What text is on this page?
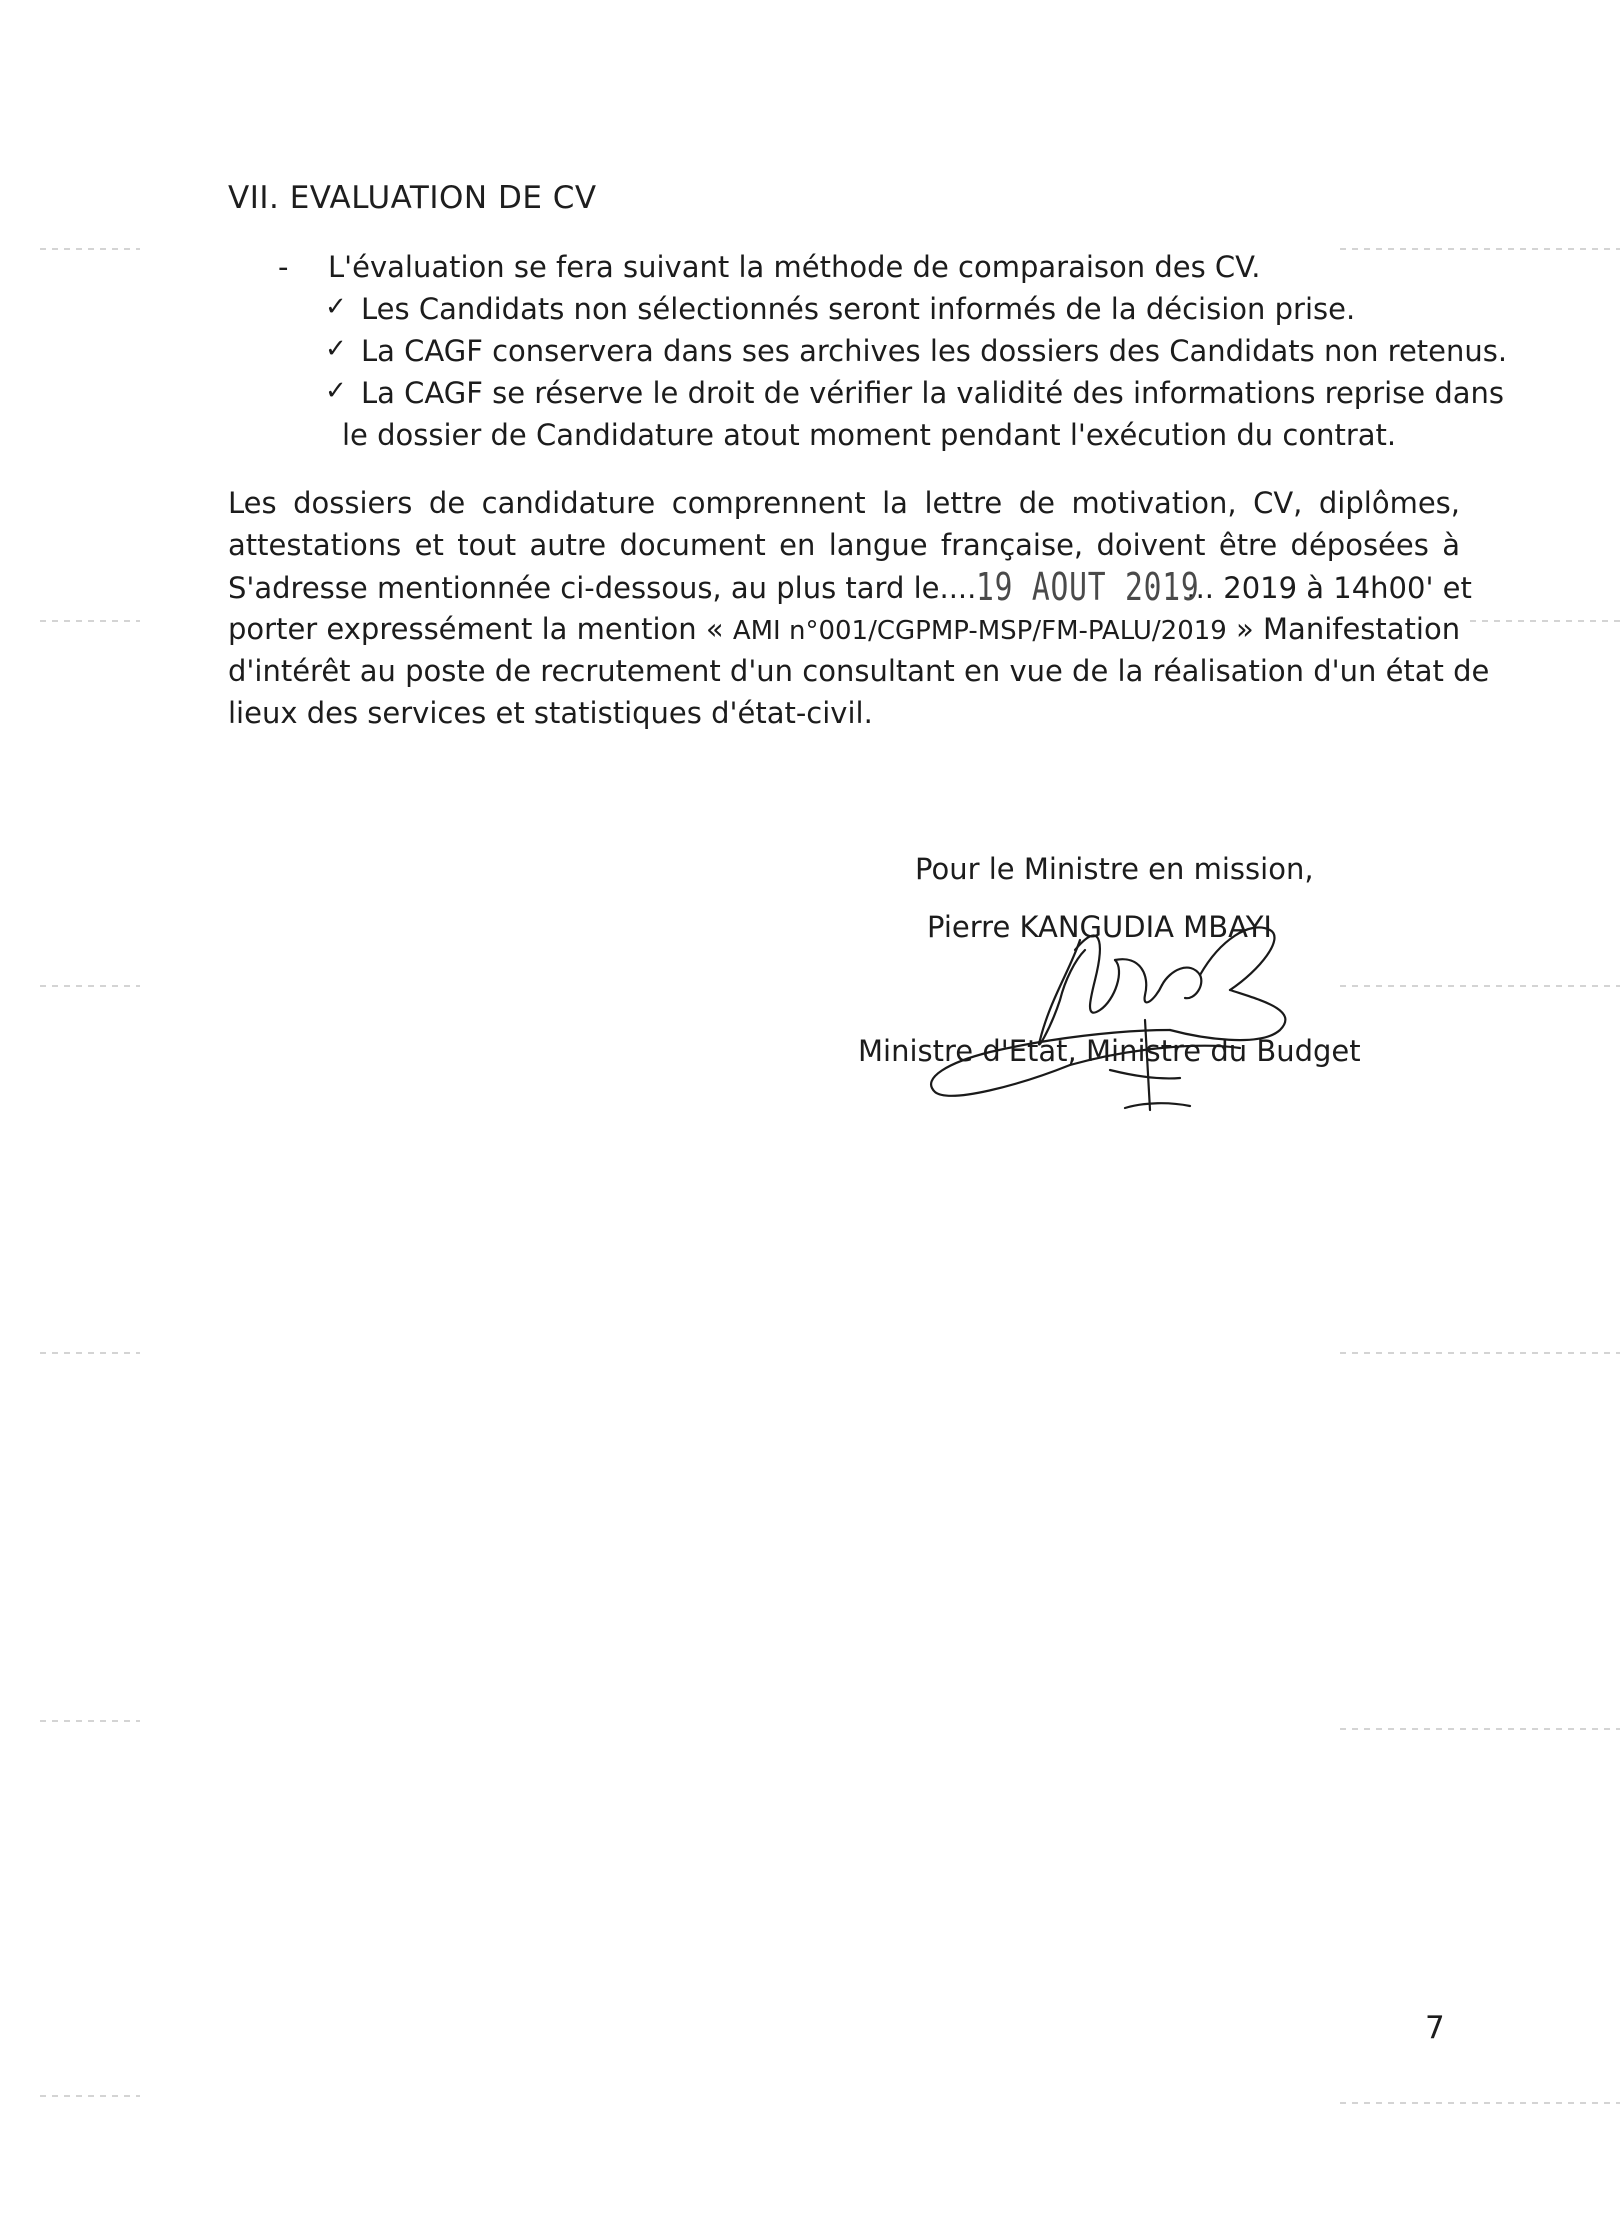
VII. EVALUATION DE CV
- L'évaluation se fera suivant la méthode de comparaison des CV.
✓ Les Candidats non sélectionnés seront informés de la décision prise.
✓ La CAGF conservera dans ses archives les dossiers des Candidats non retenus.
✓ La CAGF se réserve le droit de vérifier la validité des informations reprise dans
le dossier de Candidature atout moment pendant l'exécution du contrat.
Les dossiers de candidature comprennent la lettre de motivation, CV, diplômes,
attestations et tout autre document en langue française, doivent être déposées à
S'adresse mentionnée ci-dessous, au plus tard le....19 AOUT 2019... 2019 à 14h00' et
porter expressément la mention « AMI n°001/CGPMP-MSP/FM-PALU/2019 » Manifestation
d'intérêt au poste de recrutement d'un consultant en vue de la réalisation d'un état de
lieux des services et statistiques d'état-civil.
Pour le Ministre en mission,
Pierre KANGUDIA MBAYI
Ministre d'Etat, Ministre du Budget
7
